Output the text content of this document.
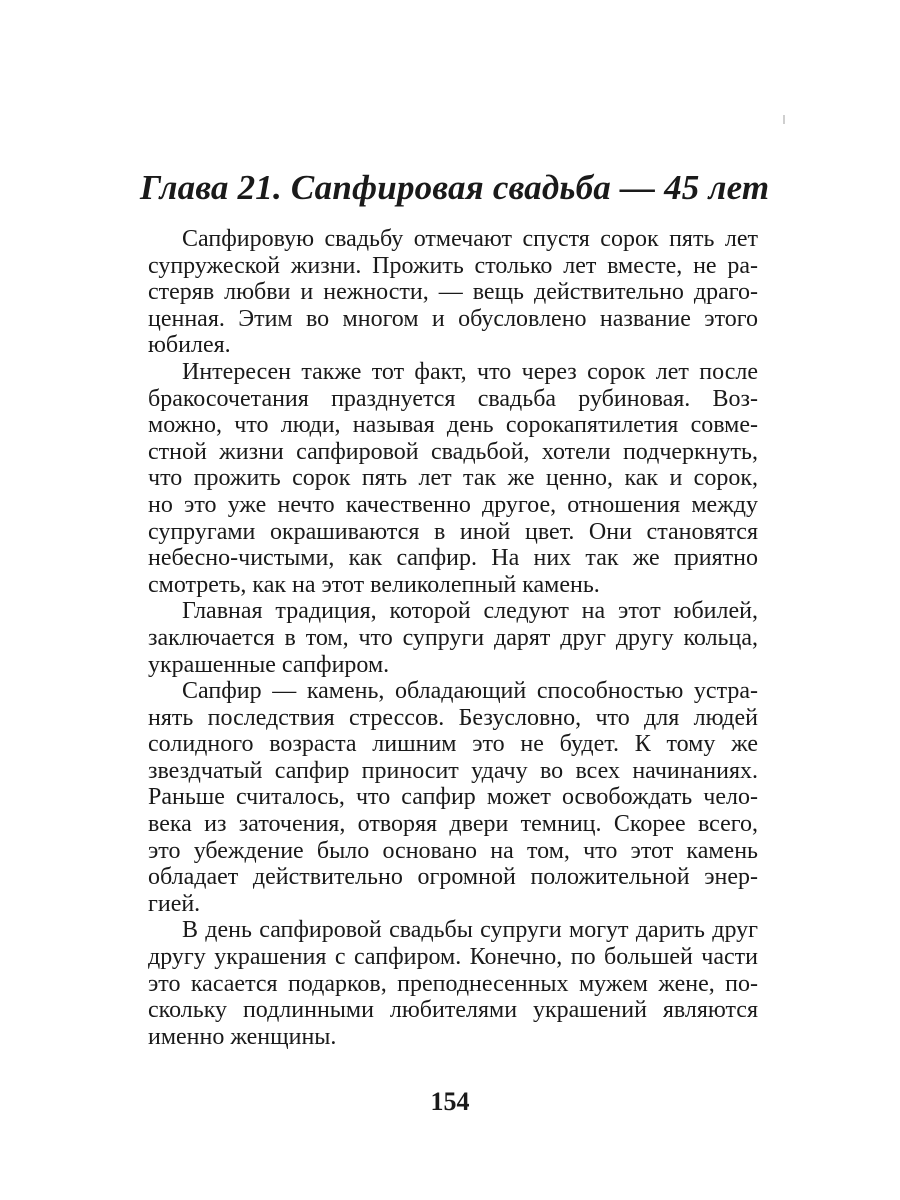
Глава 21. Сапфировая свадьба — 45 лет
Сапфировую свадьбу отмечают спустя сорок пять лет
супружеской жизни. Прожить столько лет вместе, не ра-
стеряв любви и нежности, — вещь действительно драго-
ценная. Этим во многом и обусловлено название этого
юбилея.
Интересен также тот факт, что через сорок лет после
бракосочетания празднуется свадьба рубиновая. Воз-
можно, что люди, называя день сорокапятилетия совме-
стной жизни сапфировой свадьбой, хотели подчеркнуть,
что прожить сорок пять лет так же ценно, как и сорок,
но это уже нечто качественно другое, отношения между
супругами окрашиваются в иной цвет. Они становятся
небесно-чистыми, как сапфир. На них так же приятно
смотреть, как на этот великолепный камень.
Главная традиция, которой следуют на этот юбилей,
заключается в том, что супруги дарят друг другу кольца,
украшенные сапфиром.
Сапфир — камень, обладающий способностью устра-
нять последствия стрессов. Безусловно, что для людей
солидного возраста лишним это не будет. К тому же
звездчатый сапфир приносит удачу во всех начинаниях.
Раньше считалось, что сапфир может освобождать чело-
века из заточения, отворяя двери темниц. Скорее всего,
это убеждение было основано на том, что этот камень
обладает действительно огромной положительной энер-
гией.
В день сапфировой свадьбы супруги могут дарить друг
другу украшения с сапфиром. Конечно, по большей части
это касается подарков, преподнесенных мужем жене, по-
скольку подлинными любителями украшений являются
именно женщины.
154
